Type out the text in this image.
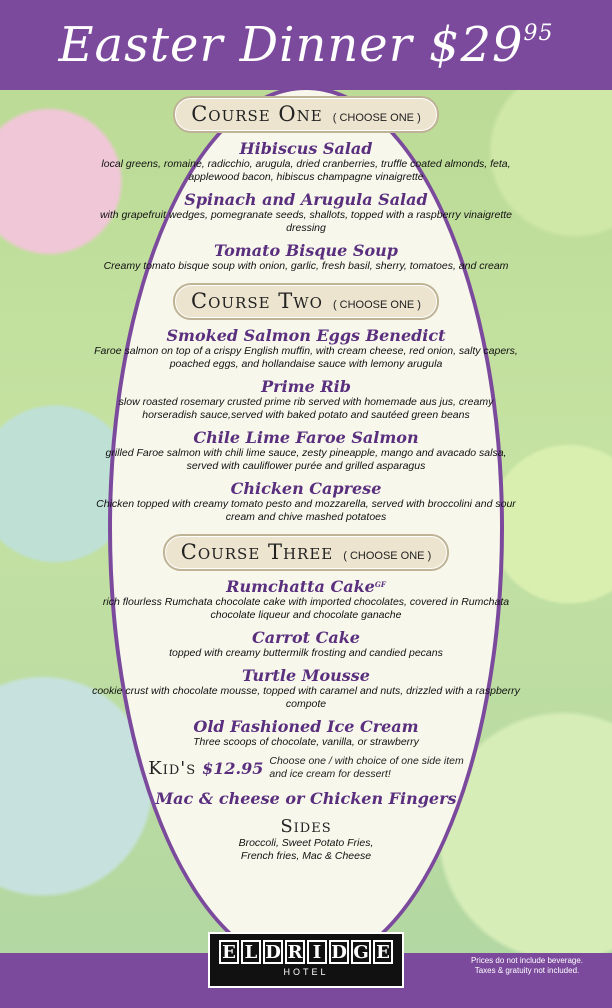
Easter Dinner $\$29^{95}$
Course One ( CHOOSE ONE )
Hibiscus Salad
local greens, romaine, radicchio, arugula, dried cranberries, truffle coated almonds, feta, applewood bacon, hibiscus champagne vinaigrette
Spinach and Arugula Salad
with grapefruit wedges, pomegranate seeds, shallots, topped with a raspberry vinaigrette dressing
Tomato Bisque Soup
Creamy tomato bisque soup with onion, garlic, fresh basil, sherry, tomatoes, and cream
Course Two ( CHOOSE ONE )
Smoked Salmon Eggs Benedict
Faroe salmon on top of a crispy English muffin, with cream cheese, red onion, salty capers, poached eggs, and hollandaise sauce with lemony arugula
Prime Rib
slow roasted rosemary crusted prime rib served with homemade aus jus, creamy horseradish sauce,served with baked potato and sautéed green beans
Chile Lime Faroe Salmon
grilled Faroe salmon with chili lime sauce, zesty pineapple, mango and avacado salsa, served with cauliflower purée and grilled asparagus
Chicken Caprese
Chicken topped with creamy tomato pesto and mozzarella, served with broccolini and sour cream and chive mashed potatoes
Course Three ( CHOOSE ONE )
Rumchatta Cake$^{GF}$
rich flourless Rumchata chocolate cake with imported chocolates, covered in Rumchata chocolate liqueur and chocolate ganache
Carrot Cake
topped with creamy buttermilk frosting and candied pecans
Turtle Mousse
cookie crust with chocolate mousse, topped with caramel and nuts, drizzled with a raspberry compote
Old Fashioned Ice Cream
Three scoops of chocolate, vanilla, or strawberry
Kid's $12.95 Choose one / with choice of one side item
and ice cream for dessert!
Mac & cheese or Chicken Fingers
Sides
Broccoli, Sweet Potato Fries,
French fries, Mac & Cheese
E L D R I D G E
HOTEL
Prices do not include beverage.
Taxes & gratuity not included.
